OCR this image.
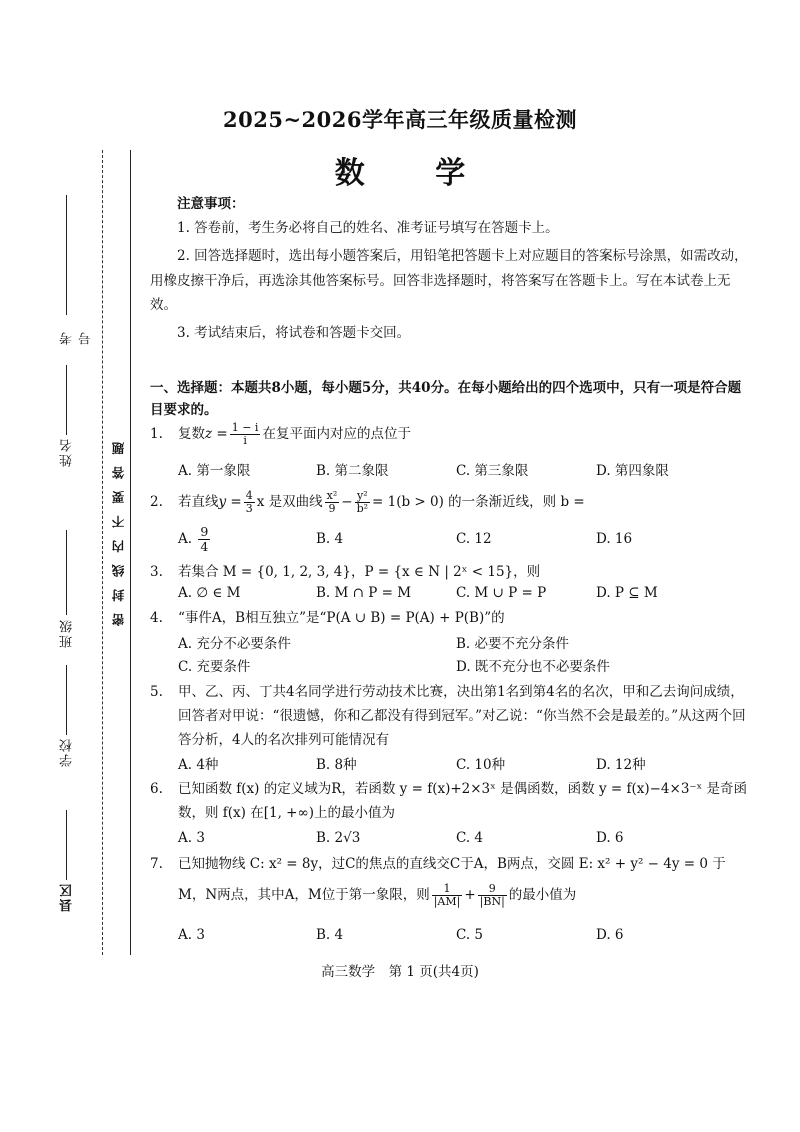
考号
姓名
班级
学校
县区
密封线内不要答题
2025~2026学年高三年级质量检测
数 学
注意事项：
1. 答卷前，考生务必将自己的姓名、准考证号填写在答题卡上。
2. 回答选择题时，选出每小题答案后，用铅笔把答题卡上对应题目的答案标号涂黑，如需改动，用橡皮擦干净后，再选涂其他答案标号。回答非选择题时，将答案写在答题卡上。写在本试卷上无效。
3. 考试结束后，将试卷和答题卡交回。
一、选择题：本题共8小题，每小题5分，共40分。在每小题给出的四个选项中，只有一项是符合题目要求的。
1. 复数$z = \frac{1 - i}{i}$ 在复平面内对应的点位于
A. 第一象限	B. 第二象限	C. 第三象限	D. 第四象限
2. 若直线$y = \frac{4}{3}$ x 是双曲线 $\frac{\text{x²}}{9} - \frac{\text{y²}}{\text{b²}} = 1(b > 0)$ 的一条渐近线，则 b =
A. $\frac{9}{4}$	B. 4	C. 12	D. 16
3. 若集合 M = {0, 1, 2, 3, 4}，P = {x ∈ N | 2ˣ < 15}，则
A. ∅ ∈ M	B. M ∩ P = M	C. M ∪ P = P	D. P ⊆ M
4. “事件A，B相互独立”是“P(A ∪ B) = P(A) + P(B)”的
A. 充分不必要条件	B. 必要不充分条件
C. 充要条件	D. 既不充分也不必要条件
5. 甲、乙、丙、丁共4名同学进行劳动技术比赛，决出第1名到第4名的名次，甲和乙去询问成绩，回答者对甲说：“很遗憾，你和乙都没有得到冠军。”对乙说：“你当然不会是最差的。”从这两个回答分析，4人的名次排列可能情况有
A. 4种	B. 8种	C. 10种	D. 12种
6. 已知函数 f(x) 的定义域为R，若函数 y = f(x)+2×3ˣ 是偶函数，函数 y = f(x)−4×3⁻ˣ 是奇函数，则 f(x) 在[1, +∞)上的最小值为
A. 3	B. 2√3	C. 4	D. 6
7. 已知抛物线 C: x² = 8y，过C的焦点的直线交C于A，B两点，交圆 E: x² + y² − 4y = 0 于
M，N两点，其中A，M位于第一象限，则 $\frac{1}{|AM|} + \frac{9}{|BN|}$ 的最小值为
A. 3	B. 4	C. 5	D. 6
高三数学　第 1 页(共4页)
